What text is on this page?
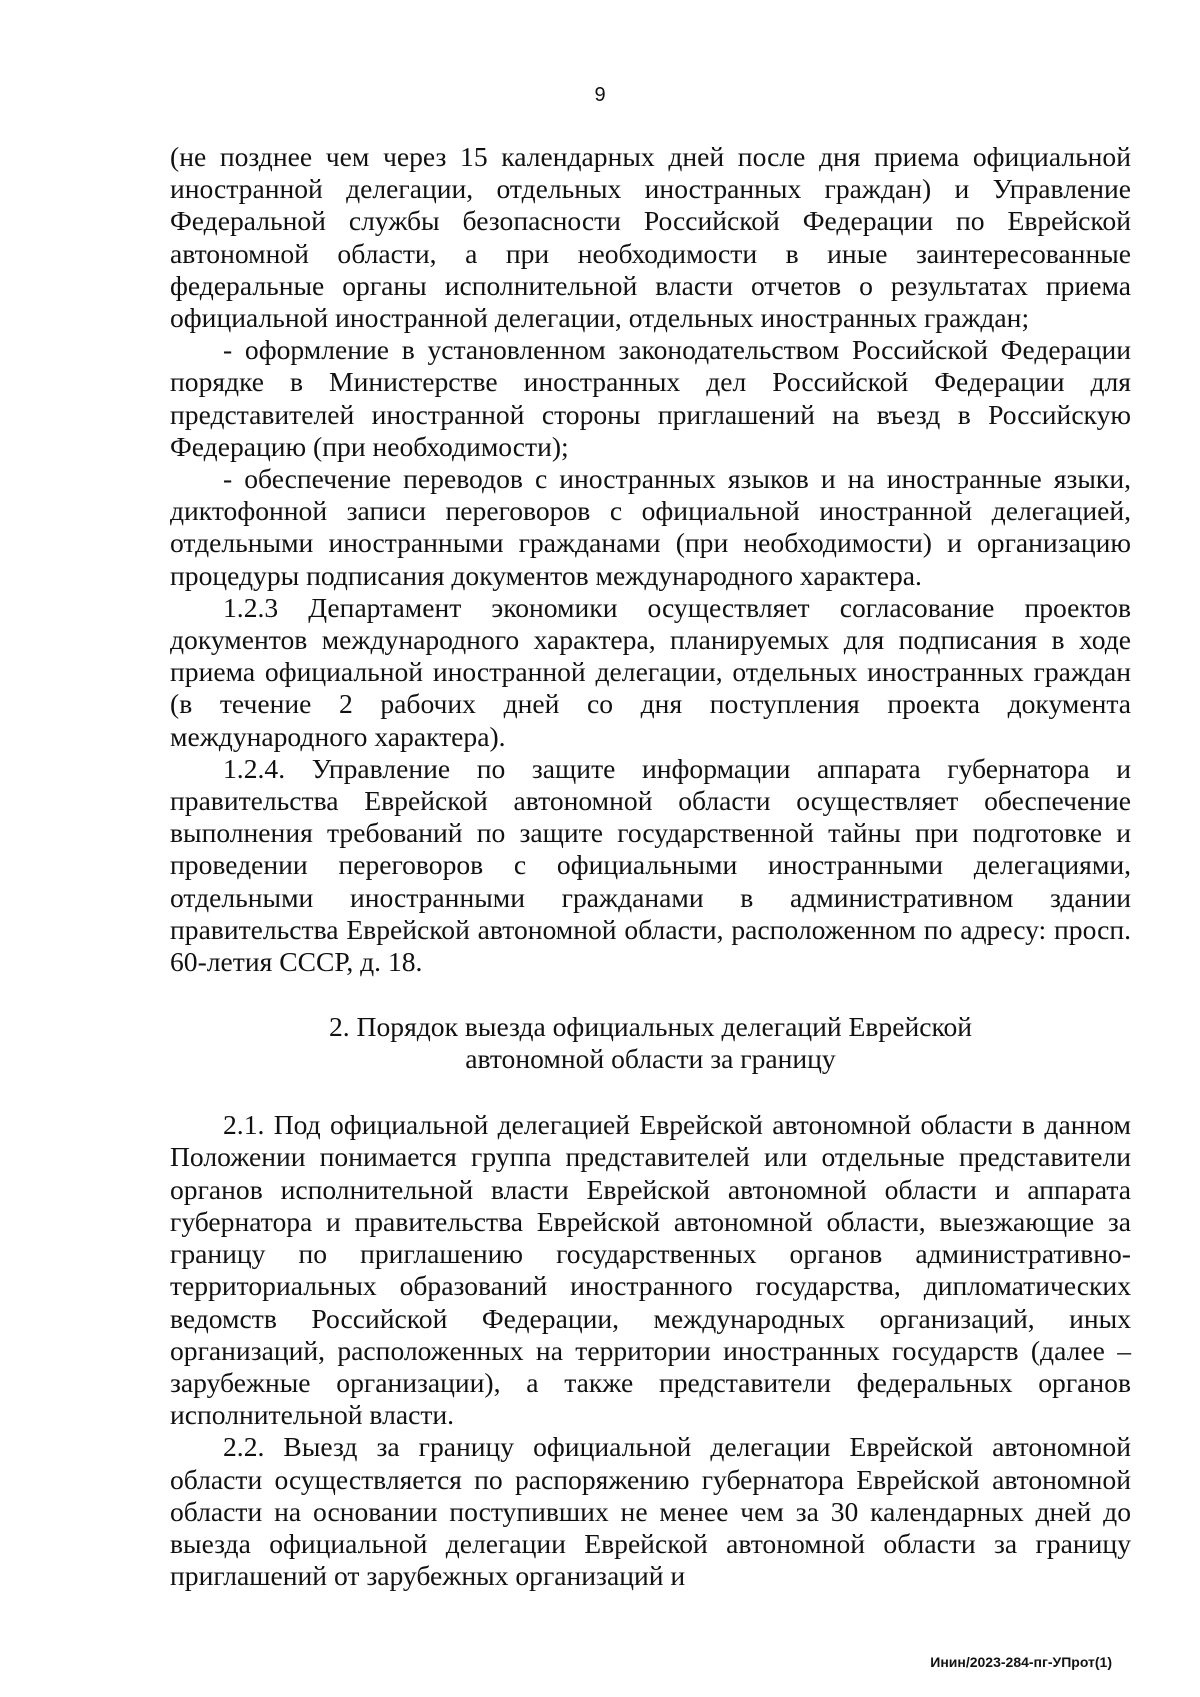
9

(не позднее чем через 15 календарных дней после дня приема официальной иностранной делегации, отдельных иностранных граждан) и Управление Федеральной службы безопасности Российской Федерации по Еврейской автономной области, а при необходимости в иные заинтересованные федеральные органы исполнительной власти отчетов о результатах приема официальной иностранной делегации, отдельных иностранных граждан;

- оформление в установленном законодательством Российской Федерации порядке в Министерстве иностранных дел Российской Федерации для представителей иностранной стороны приглашений на въезд в Российскую Федерацию (при необходимости);

- обеспечение переводов с иностранных языков и на иностранные языки, диктофонной записи переговоров с официальной иностранной делегацией, отдельными иностранными гражданами (при необходимости) и организацию процедуры подписания документов международного характера.

1.2.3 Департамент экономики осуществляет согласование проектов документов международного характера, планируемых для подписания в ходе приема официальной иностранной делегации, отдельных иностранных граждан (в течение 2 рабочих дней со дня поступления проекта документа международного характера).

1.2.4. Управление по защите информации аппарата губернатора и правительства Еврейской автономной области осуществляет обеспечение выполнения требований по защите государственной тайны при подготовке и проведении переговоров с официальными иностранными делегациями, отдельными иностранными гражданами в административном здании правительства Еврейской автономной области, расположенном по адресу: просп. 60-летия СССР, д. 18.

2. Порядок выезда официальных делегаций Еврейской
автономной области за границу

2.1. Под официальной делегацией Еврейской автономной области в данном Положении понимается группа представителей или отдельные представители органов исполнительной власти Еврейской автономной области и аппарата губернатора и правительства Еврейской автономной области, выезжающие за границу по приглашению государственных органов административно-территориальных образований иностранного государства, дипломатических ведомств Российской Федерации, международных организаций, иных организаций, расположенных на территории иностранных государств (далее – зарубежные организации), а также представители федеральных органов исполнительной власти.

2.2. Выезд за границу официальной делегации Еврейской автономной области осуществляется по распоряжению губернатора Еврейской автономной области на основании поступивших не менее чем за 30 календарных дней до выезда официальной делегации Еврейской автономной области за границу приглашений от зарубежных организаций и

Инин/2023-284-пг-УПрот(1)
